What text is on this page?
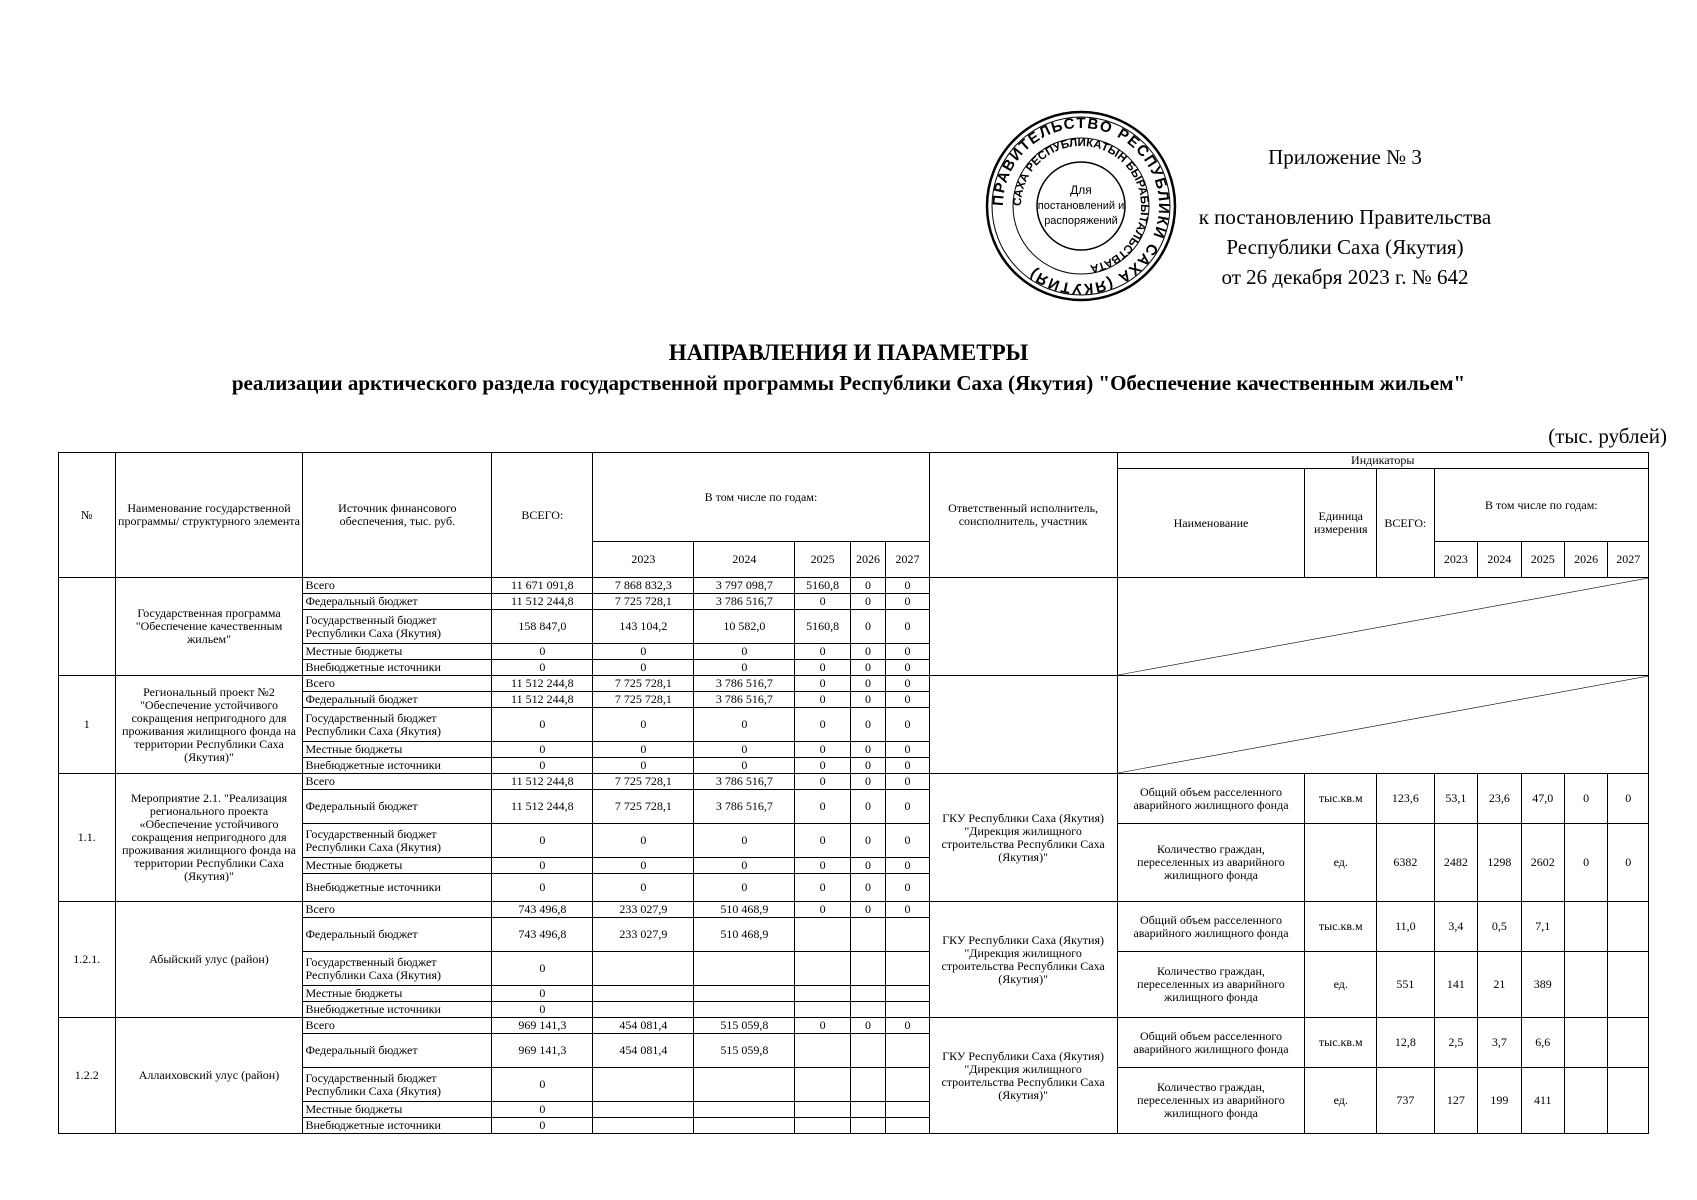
ПРАВИТЕЛЬСТВО РЕСПУБЛИКИ САХА (ЯКУТИЯ)
САХА РЕСПУБЛИКАТЫН БЫРАБЫТАЛЬСТВАТА
Для
постановлений и
распоряжений
Приложение № 3
к постановлению Правительства
Республики Саха (Якутия)
от 26 декабря 2023 г. № 642
НАПРАВЛЕНИЯ И ПАРАМЕТРЫ
реализации арктического раздела государственной программы Республики Саха (Якутия) "Обеспечение качественным жильем"
(тыс. рублей)
№	Наименование государственной программы/ структурного элемента	Источник финансового обеспечения, тыс. руб.	ВСЕГО:	В том числе по годам:					Ответственный исполнитель, соисполнитель, участник	Индикаторы							
										Наименование	Единица измерения	ВСЕГО:	В том числе по годам:				
				2023	2024	2025	2026	2027					2023	2024	2025	2026	2027
	Государственная программа "Обеспечение качественным жильем"	Всего	11 671 091,8	7 868 832,3	3 797 098,7	5160,8	0	0		

		Федеральный бюджет	11 512 244,8	7 725 728,1	3 786 516,7	0	0	0									
		Государственный бюджет Республики Саха (Якутия)	158 847,0	143 104,2	10 582,0	5160,8	0	0									
		Местные бюджеты	0	0	0	0	0	0									
		Внебюджетные источники	0	0	0	0	0	0									
1	Региональный проект №2 "Обеспечение устойчивого сокращения непригодного для проживания жилищного фонда на территории Республики Саха (Якутия)"	Всего	11 512 244,8	7 725 728,1	3 786 516,7	0	0	0		

		Федеральный бюджет	11 512 244,8	7 725 728,1	3 786 516,7	0	0	0									
		Государственный бюджет Республики Саха (Якутия)	0	0	0	0	0	0									
		Местные бюджеты	0	0	0	0	0	0									
		Внебюджетные источники	0	0	0	0	0	0									
1.1.	Мероприятие 2.1. "Реализация регионального проекта «Обеспечение устойчивого сокращения непригодного для проживания жилищного фонда на территории Республики Саха (Якутия)"	Всего	11 512 244,8	7 725 728,1	3 786 516,7	0	0	0	ГКУ Республики Саха (Якутия) "Дирекция жилищного строительства Республики Саха (Якутия)"	Общий объем расселенного аварийного жилищного фонда	тыс.кв.м	123,6	53,1	23,6	47,0	0	0
		Федеральный бюджет	11 512 244,8	7 725 728,1	3 786 516,7	0	0	0									
		Государственный бюджет Республики Саха (Якутия)	0	0	0	0	0	0		Количество граждан, переселенных из аварийного жилищного фонда	ед.	6382	2482	1298	2602	0	0
		Местные бюджеты	0	0	0	0	0	0									
		Внебюджетные источники	0	0	0	0	0	0									
1.2.1.	Абыйский улус (район)	Всего	743 496,8	233 027,9	510 468,9	0	0	0	ГКУ Республики Саха (Якутия) "Дирекция жилищного строительства Республики Саха (Якутия)"	Общий объем расселенного аварийного жилищного фонда	тыс.кв.м	11,0	3,4	0,5	7,1		
		Федеральный бюджет	743 496,8	233 027,9	510 468,9												
		Государственный бюджет Республики Саха (Якутия)	0							Количество граждан, переселенных из аварийного жилищного фонда	ед.	551	141	21	389		
		Местные бюджеты	0														
		Внебюджетные источники	0														
1.2.2	Аллаиховский улус (район)	Всего	969 141,3	454 081,4	515 059,8	0	0	0	ГКУ Республики Саха (Якутия) "Дирекция жилищного строительства Республики Саха (Якутия)"	Общий объем расселенного аварийного жилищного фонда	тыс.кв.м	12,8	2,5	3,7	6,6		
		Федеральный бюджет	969 141,3	454 081,4	515 059,8												
		Государственный бюджет Республики Саха (Якутия)	0							Количество граждан, переселенных из аварийного жилищного фонда	ед.	737	127	199	411		
		Местные бюджеты	0														
		Внебюджетные источники	0														
